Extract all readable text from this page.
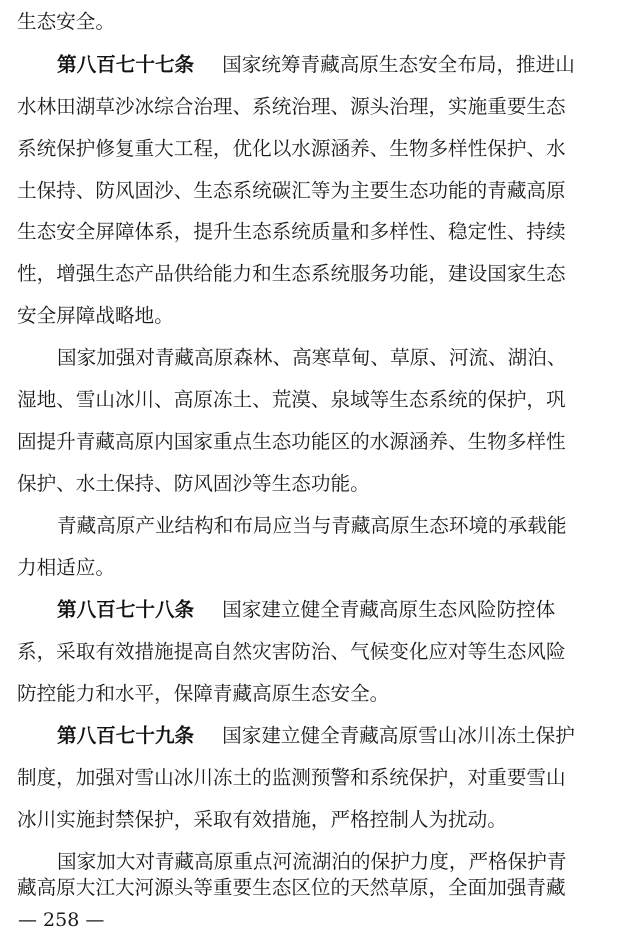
生态安全。
第八百七十七条 国家统筹青藏高原生态安全布局，推进山
水林田湖草沙冰综合治理、系统治理、源头治理，实施重要生态
系统保护修复重大工程，优化以水源涵养、生物多样性保护、水
土保持、防风固沙、生态系统碳汇等为主要生态功能的青藏高原
生态安全屏障体系，提升生态系统质量和多样性、稳定性、持续
性，增强生态产品供给能力和生态系统服务功能，建设国家生态
安全屏障战略地。
国家加强对青藏高原森林、高寒草甸、草原、河流、湖泊、
湿地、雪山冰川、高原冻土、荒漠、泉域等生态系统的保护，巩
固提升青藏高原内国家重点生态功能区的水源涵养、生物多样性
保护、水土保持、防风固沙等生态功能。
青藏高原产业结构和布局应当与青藏高原生态环境的承载能
力相适应。
第八百七十八条 国家建立健全青藏高原生态风险防控体
系，采取有效措施提高自然灾害防治、气候变化应对等生态风险
防控能力和水平，保障青藏高原生态安全。
第八百七十九条 国家建立健全青藏高原雪山冰川冻土保护
制度，加强对雪山冰川冻土的监测预警和系统保护，对重要雪山
冰川实施封禁保护，采取有效措施，严格控制人为扰动。
国家加大对青藏高原重点河流湖泊的保护力度，严格保护青
藏高原大江大河源头等重要生态区位的天然草原，全面加强青藏
— 258 —
